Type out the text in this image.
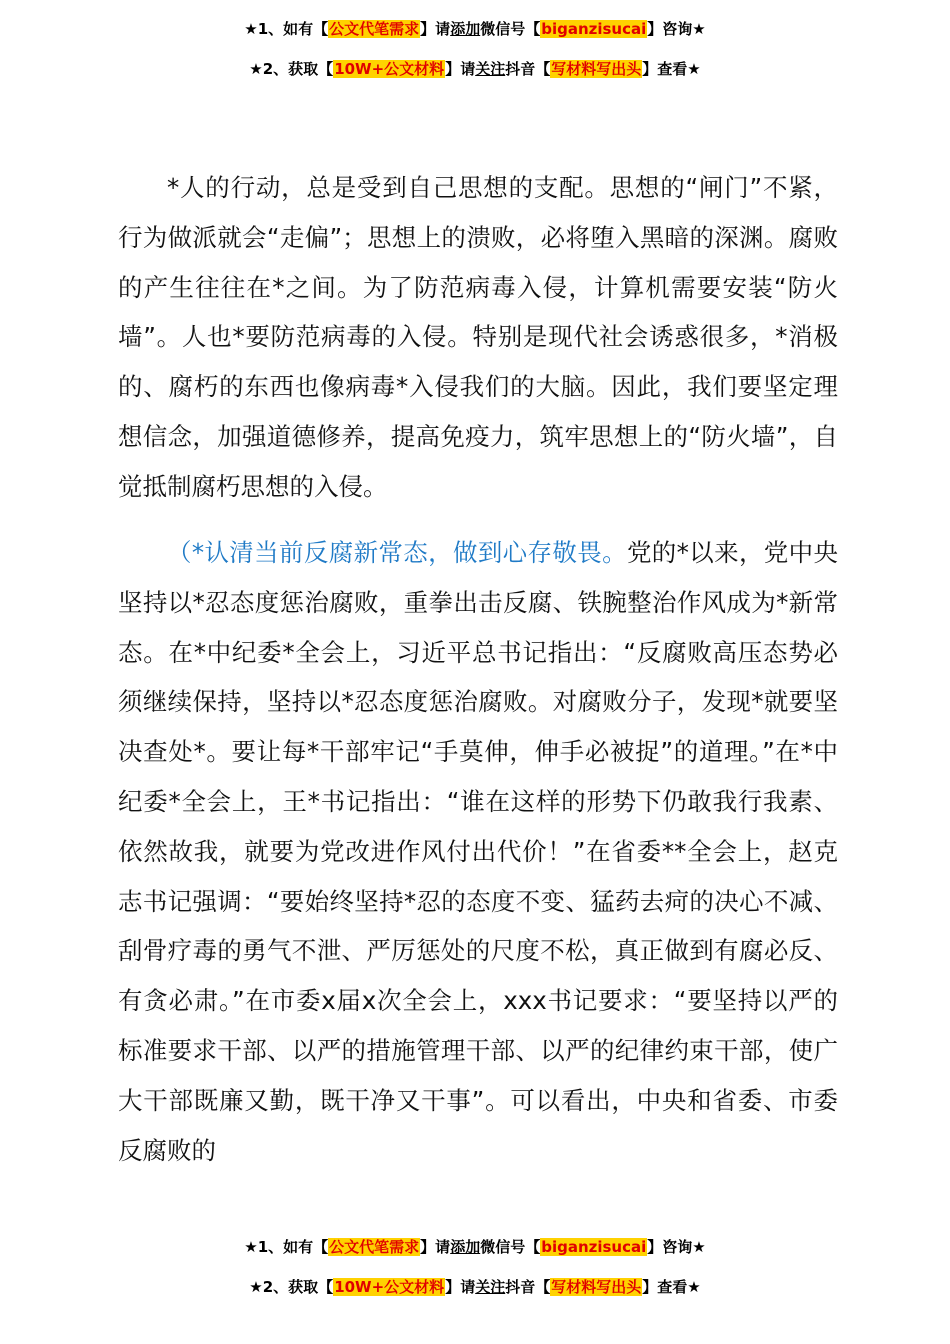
★1、如有【公文代笔需求】请添加微信号【biganzisucai】咨询★
★2、获取【10W+公文材料】请关注抖音【写材料写出头】查看★

*人的行动，总是受到自己思想的支配。思想的“闸门”不紧，行为做派就会“走偏”；思想上的溃败，必将堕入黑暗的深渊。腐败的产生往往在*之间。为了防范病毒入侵，计算机需要安装“防火墙”。人也*要防范病毒的入侵。特别是现代社会诱惑很多，*消极的、腐朽的东西也像病毒*入侵我们的大脑。因此，我们要坚定理想信念，加强道德修养，提高免疫力，筑牢思想上的“防火墙”，自觉抵制腐朽思想的入侵。

（*认清当前反腐新常态，做到心存敬畏。党的*以来，党中央坚持以*忍态度惩治腐败，重拳出击反腐、铁腕整治作风成为*新常态。在*中纪委*全会上，习近平总书记指出：“反腐败高压态势必须继续保持，坚持以*忍态度惩治腐败。对腐败分子，发现*就要坚决查处*。要让每*干部牢记“手莫伸，伸手必被捉”的道理。”在*中纪委*全会上，王*书记指出：“谁在这样的形势下仍敢我行我素、依然故我，就要为党改进作风付出代价！”在省委**全会上，赵克志书记强调：“要始终坚持*忍的态度不变、猛药去疴的决心不减、刮骨疗毒的勇气不泄、严厉惩处的尺度不松，真正做到有腐必反、有贪必肃。”在市委x届x次全会上，xxx书记要求：“要坚持以严的标准要求干部、以严的措施管理干部、以严的纪律约束干部，使广大干部既廉又勤，既干净又干事”。可以看出，中央和省委、市委反腐败的

★1、如有【公文代笔需求】请添加微信号【biganzisucai】咨询★
★2、获取【10W+公文材料】请关注抖音【写材料写出头】查看★
